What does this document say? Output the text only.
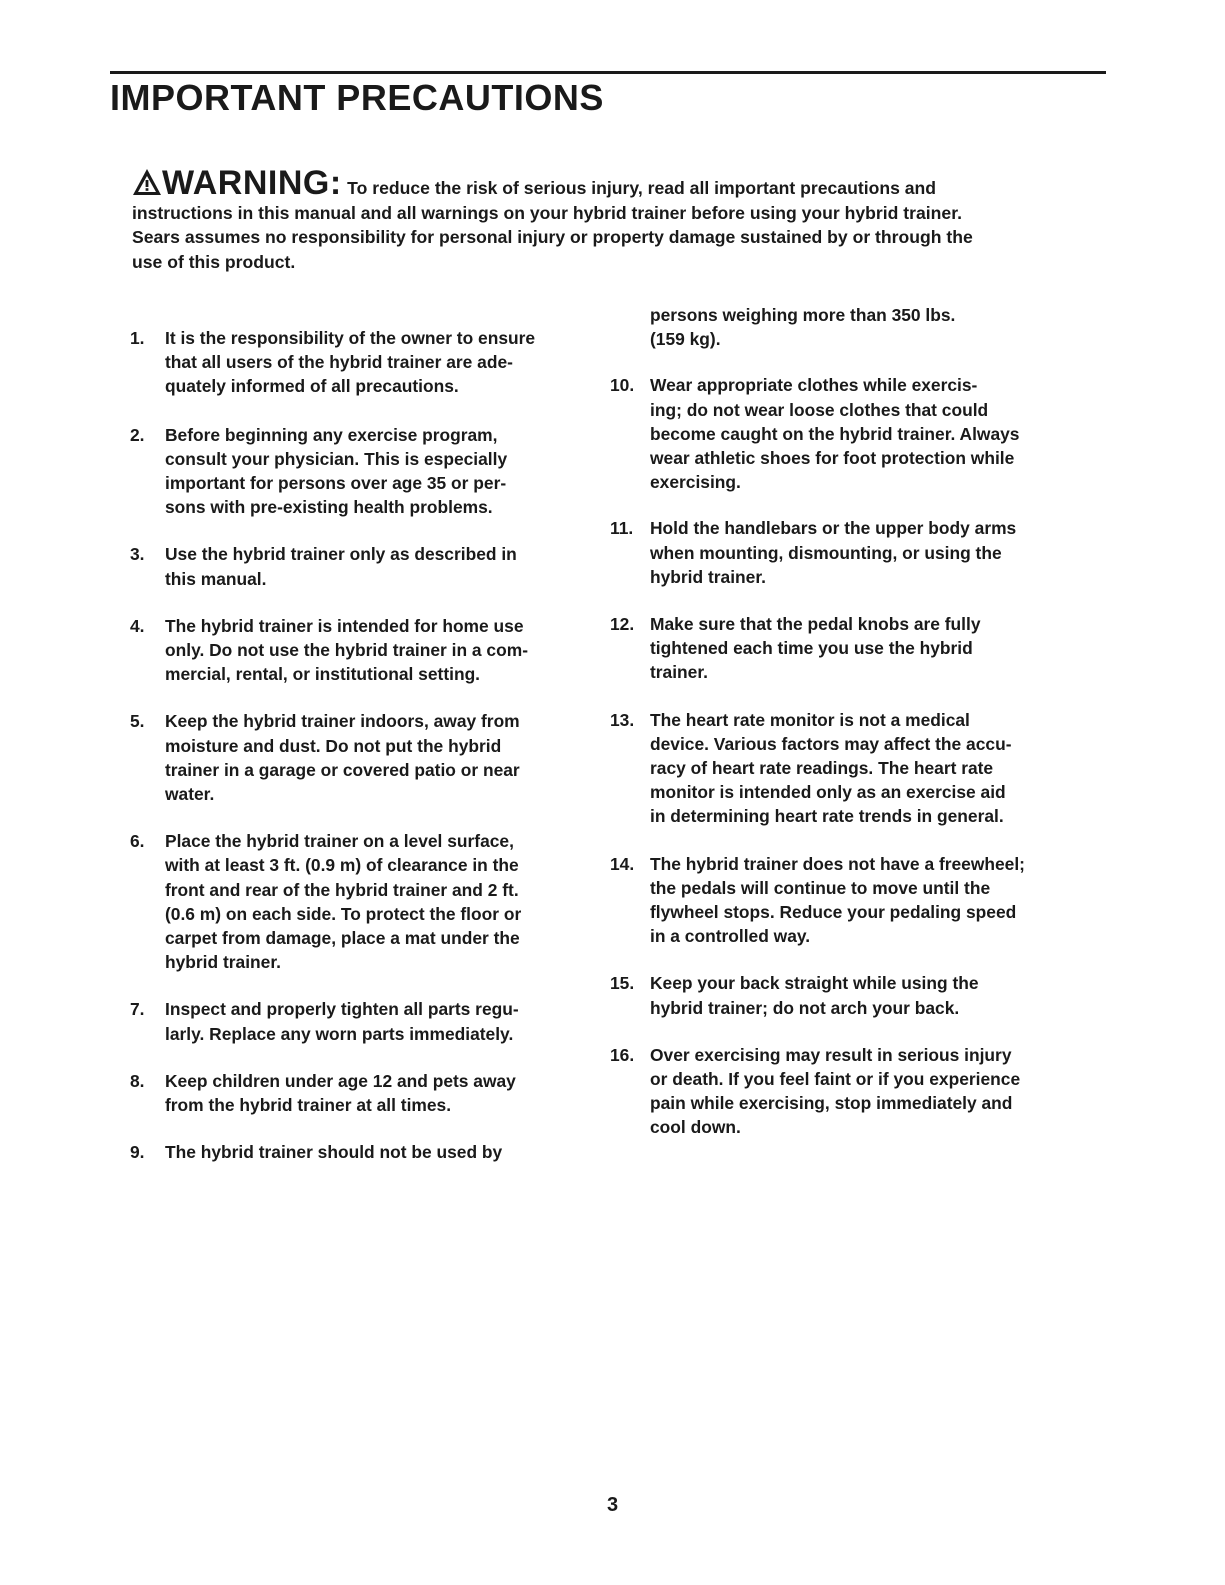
IMPORTANT PRECAUTIONS
WARNING: To reduce the risk of serious injury, read all important precautions and
instructions in this manual and all warnings on your hybrid trainer before using your hybrid trainer.
Sears assumes no responsibility for personal injury or property damage sustained by or through the
use of this product.
1. It is the responsibility of the owner to ensure
that all users of the hybrid trainer are ade-
quately informed of all precautions.
2. Before beginning any exercise program,
consult your physician. This is especially
important for persons over age 35 or per-
sons with pre-existing health problems.
3. Use the hybrid trainer only as described in
this manual.
4. The hybrid trainer is intended for home use
only. Do not use the hybrid trainer in a com-
mercial, rental, or institutional setting.
5. Keep the hybrid trainer indoors, away from
moisture and dust. Do not put the hybrid
trainer in a garage or covered patio or near
water.
6. Place the hybrid trainer on a level surface,
with at least 3 ft. (0.9 m) of clearance in the
front and rear of the hybrid trainer and 2 ft.
(0.6 m) on each side. To protect the floor or
carpet from damage, place a mat under the
hybrid trainer.
7. Inspect and properly tighten all parts regu-
larly. Replace any worn parts immediately.
8. Keep children under age 12 and pets away
from the hybrid trainer at all times.
9. The hybrid trainer should not be used by
persons weighing more than 350 lbs.
(159 kg).
10. Wear appropriate clothes while exercis-
ing; do not wear loose clothes that could
become caught on the hybrid trainer. Always
wear athletic shoes for foot protection while
exercising.
11. Hold the handlebars or the upper body arms
when mounting, dismounting, or using the
hybrid trainer.
12. Make sure that the pedal knobs are fully
tightened each time you use the hybrid
trainer.
13. The heart rate monitor is not a medical
device. Various factors may affect the accu-
racy of heart rate readings. The heart rate
monitor is intended only as an exercise aid
in determining heart rate trends in general.
14. The hybrid trainer does not have a freewheel;
the pedals will continue to move until the
flywheel stops. Reduce your pedaling speed
in a controlled way.
15. Keep your back straight while using the
hybrid trainer; do not arch your back.
16. Over exercising may result in serious injury
or death. If you feel faint or if you experience
pain while exercising, stop immediately and
cool down.
3
